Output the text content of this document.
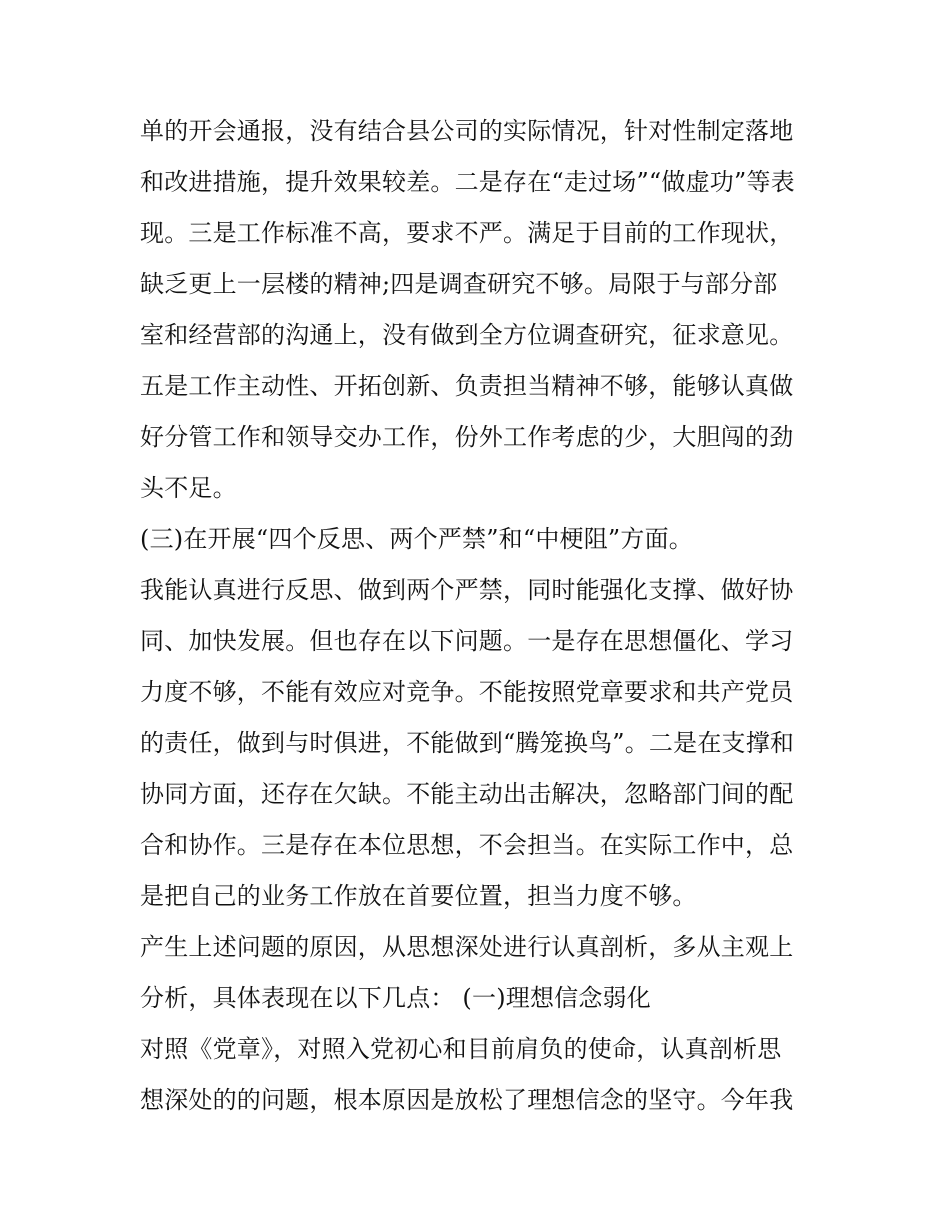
单的开会通报，没有结合县公司的实际情况，针对性制定落地
和改进措施，提升效果较差。二是存在“走过场”“做虚功”等表
现。三是工作标准不高，要求不严。满足于目前的工作现状，
缺乏更上一层楼的精神;四是调查研究不够。局限于与部分部
室和经营部的沟通上，没有做到全方位调查研究，征求意见。
五是工作主动性、开拓创新、负责担当精神不够，能够认真做
好分管工作和领导交办工作，份外工作考虑的少，大胆闯的劲
头不足。
(三)在开展“四个反思、两个严禁”和“中梗阻”方面。
我能认真进行反思、做到两个严禁，同时能强化支撑、做好协
同、加快发展。但也存在以下问题。一是存在思想僵化、学习
力度不够，不能有效应对竞争。不能按照党章要求和共产党员
的责任，做到与时俱进，不能做到“腾笼换鸟”。二是在支撑和
协同方面，还存在欠缺。不能主动出击解决，忽略部门间的配
合和协作。三是存在本位思想，不会担当。在实际工作中，总
是把自己的业务工作放在首要位置，担当力度不够。
产生上述问题的原因，从思想深处进行认真剖析，多从主观上
分析，具体表现在以下几点： (一)理想信念弱化
对照《党章》，对照入党初心和目前肩负的使命，认真剖析思
想深处的的问题，根本原因是放松了理想信念的坚守。今年我
